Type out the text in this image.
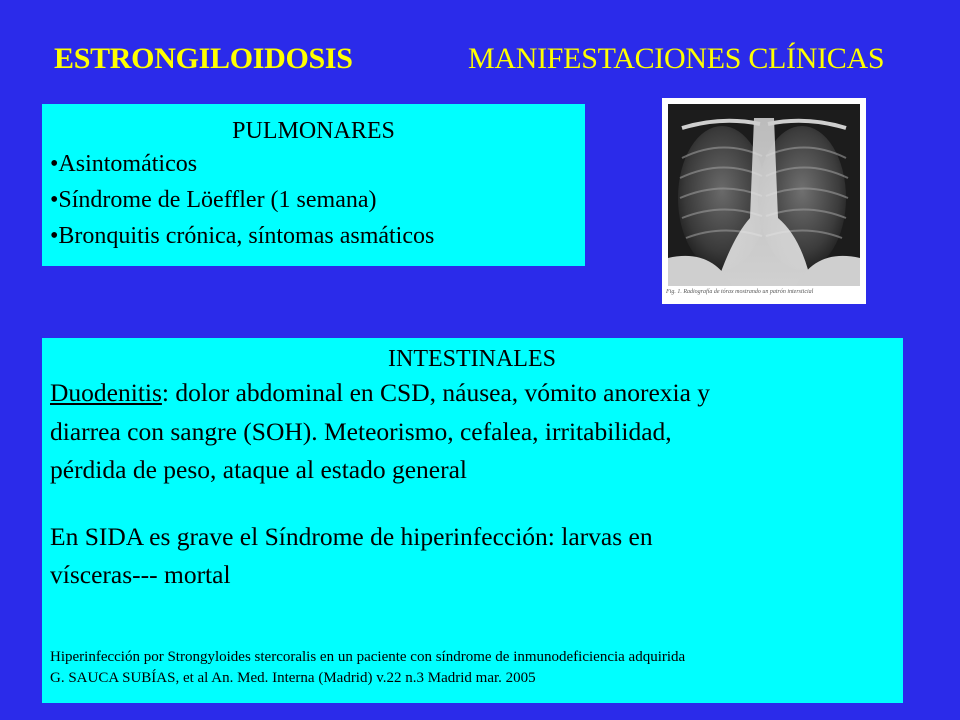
ESTRONGILOIDOSIS	MANIFESTACIONES CLÍNICAS
PULMONARES
•Asintomáticos
•Síndrome de Löeffler (1 semana)
•Bronquitis crónica, síntomas asmáticos
Fig. 1. Radiografía de tórax mostrando un patrón intersticial
INTESTINALES

Duodenitis: dolor abdominal en CSD, náusea, vómito anorexia y
diarrea con sangre (SOH). Meteorismo, cefalea, irritabilidad,
pérdida de peso, ataque al estado general

En SIDA es grave el Síndrome de hiperinfección: larvas en
vísceras--- mortal

Hiperinfección por Strongyloides stercoralis en un paciente con síndrome de inmunodeficiencia adquirida

G. SAUCA SUBÍAS, et al An. Med. Interna (Madrid) v.22 n.3 Madrid mar. 2005
